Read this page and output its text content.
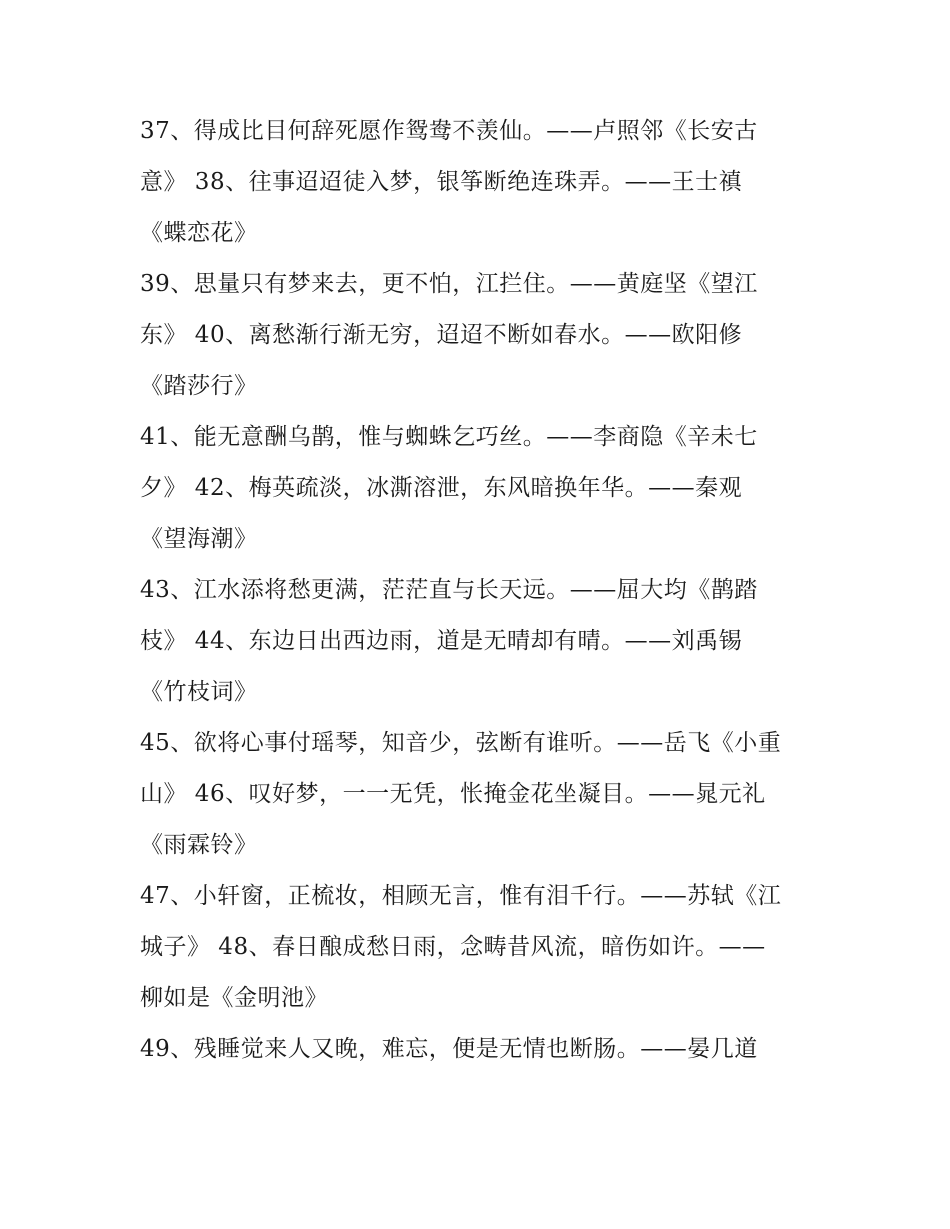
37、得成比目何辞死愿作鸳鸯不羡仙。——卢照邻《长安古
意》 38、往事迢迢徒入梦，银筝断绝连珠弄。——王士禛
《蝶恋花》
39、思量只有梦来去，更不怕，江拦住。——黄庭坚《望江
东》 40、离愁渐行渐无穷，迢迢不断如春水。——欧阳修
《踏莎行》
41、能无意酬乌鹊，惟与蜘蛛乞巧丝。——李商隐《辛未七
夕》 42、梅英疏淡，冰澌溶泄，东风暗换年华。——秦观
《望海潮》
43、江水添将愁更满，茫茫直与长天远。——屈大均《鹊踏
枝》 44、东边日出西边雨，道是无晴却有晴。——刘禹锡
《竹枝词》
45、欲将心事付瑶琴，知音少，弦断有谁听。——岳飞《小重
山》 46、叹好梦，一一无凭，怅掩金花坐凝目。——晁元礼
《雨霖铃》
47、小轩窗，正梳妆，相顾无言，惟有泪千行。——苏轼《江
城子》 48、春日酿成愁日雨，念畴昔风流，暗伤如许。——
柳如是《金明池》
49、残睡觉来人又晚，难忘，便是无情也断肠。——晏几道
